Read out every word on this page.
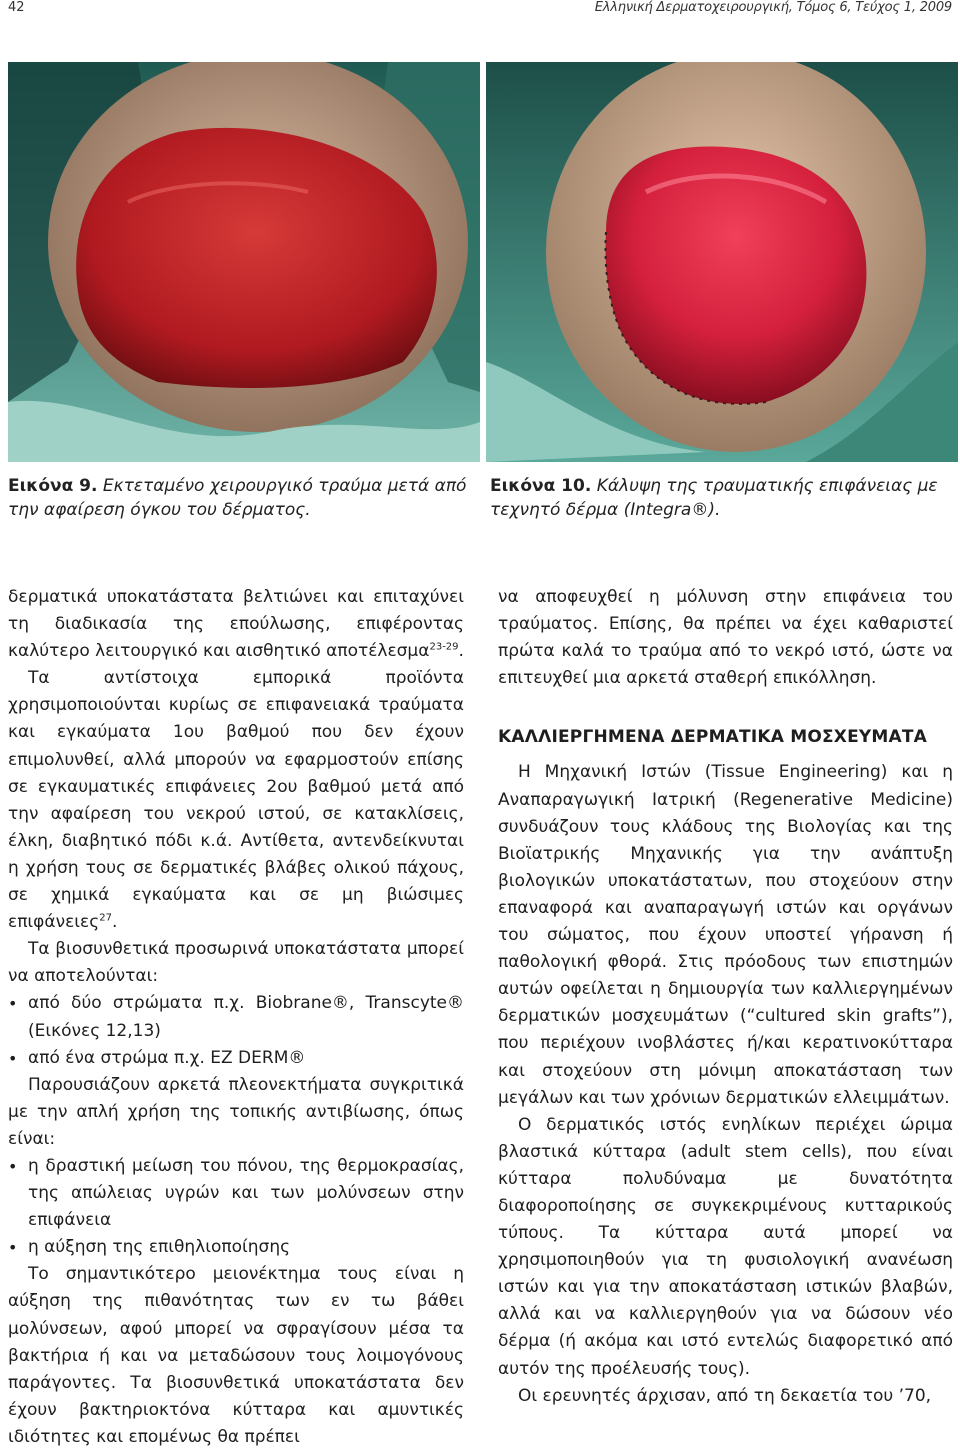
42	Ελληνική Δερματοχειρουργική, Τόμος 6, Τεύχος 1, 2009
Εικόνα 9. Εκτεταμένο χειρουργικό τραύμα μετά από την αφαίρεση όγκου του δέρματος.
Εικόνα 10. Κάλυψη της τραυματικής επιφάνειας με τεχνητό δέρμα (Integra®).

δερματικά υποκατάστατα βελτιώνει και επιταχύνει τη διαδικασία της επούλωσης, επιφέροντας καλύτερο λειτουργικό και αισθητικό αποτέλεσμα$^{23-29}$.

Τα αντίστοιχα εμπορικά προϊόντα χρησιμοποιούνται κυρίως σε επιφανειακά τραύματα και εγκαύματα 1ου βαθμού που δεν έχουν επιμολυνθεί, αλλά μπορούν να εφαρμοστούν επίσης σε εγκαυματικές επιφάνειες 2ου βαθμού μετά από την αφαίρεση του νεκρού ιστού, σε κατακλίσεις, έλκη, διαβητικό πόδι κ.ά. Αντίθετα, αντενδείκνυται η χρήση τους σε δερματικές βλάβες ολικού πάχους, σε χημικά εγκαύματα και σε μη βιώσιμες επιφάνειες$^{27}$.

Τα βιοσυνθετικά προσωρινά υποκατάστατα μπορεί να αποτελούνται:

• από δύο στρώματα π.χ. Biobrane®, Transcyte® (Εικόνες 12,13)
• από ένα στρώμα π.χ. EZ DERM®

Παρουσιάζουν αρκετά πλεονεκτήματα συγκριτικά με την απλή χρήση της τοπικής αντιβίωσης, όπως είναι:

• η δραστική μείωση του πόνου, της θερμοκρασίας, της απώλειας υγρών και των μολύνσεων στην επιφάνεια
• η αύξηση της επιθηλιοποίησης

Το σημαντικότερο μειονέκτημα τους είναι η αύξηση της πιθανότητας των εν τω βάθει μολύνσεων, αφού μπορεί να σφραγίσουν μέσα τα βακτήρια ή και να μεταδώσουν τους λοιμογόνους παράγοντες. Τα βιοσυνθετικά υποκατάστατα δεν έχουν βακτηριοκτόνα κύτταρα και αμυντικές ιδιότητες και επομένως θα πρέπει

να αποφευχθεί η μόλυνση στην επιφάνεια του τραύματος. Επίσης, θα πρέπει να έχει καθαριστεί πρώτα καλά το τραύμα από το νεκρό ιστό, ώστε να επιτευχθεί μια αρκετά σταθερή επικόλληση.

ΚΑΛΛΙΕΡΓΗΜΕΝΑ ΔΕΡΜΑΤΙΚΑ ΜΟΣΧΕΥΜΑΤΑ

Η Μηχανική Ιστών (Tissue Engineering) και η Αναπαραγωγική Ιατρική (Regenerative Medicine) συνδυάζουν τους κλάδους της Βιολογίας και της Βιοϊατρικής Μηχανικής για την ανάπτυξη βιολογικών υποκατάστατων, που στοχεύουν στην επαναφορά και αναπαραγωγή ιστών και οργάνων του σώματος, που έχουν υποστεί γήρανση ή παθολογική φθορά. Στις πρόοδους των επιστημών αυτών οφείλεται η δημιουργία των καλλιεργημένων δερματικών μοσχευμάτων (“cultured skin grafts”), που περιέχουν ινοβλάστες ή/και κερατινοκύτταρα και στοχεύουν στη μόνιμη αποκατάσταση των μεγάλων και των χρόνιων δερματικών ελλειμμάτων.

Ο δερματικός ιστός ενηλίκων περιέχει ώριμα βλαστικά κύτταρα (adult stem cells), που είναι κύτταρα πολυδύναμα με δυνατότητα διαφοροποίησης σε συγκεκριμένους κυτταρικούς τύπους. Τα κύτταρα αυτά μπορεί να χρησιμοποιηθούν για τη φυσιολογική ανανέωση ιστών και για την αποκατάσταση ιστικών βλαβών, αλλά και να καλλιεργηθούν για να δώσουν νέο δέρμα (ή ακόμα και ιστό εντελώς διαφορετικό από αυτόν της προέλευσής τους).

Οι ερευνητές άρχισαν, από τη δεκαετία του ’70,
